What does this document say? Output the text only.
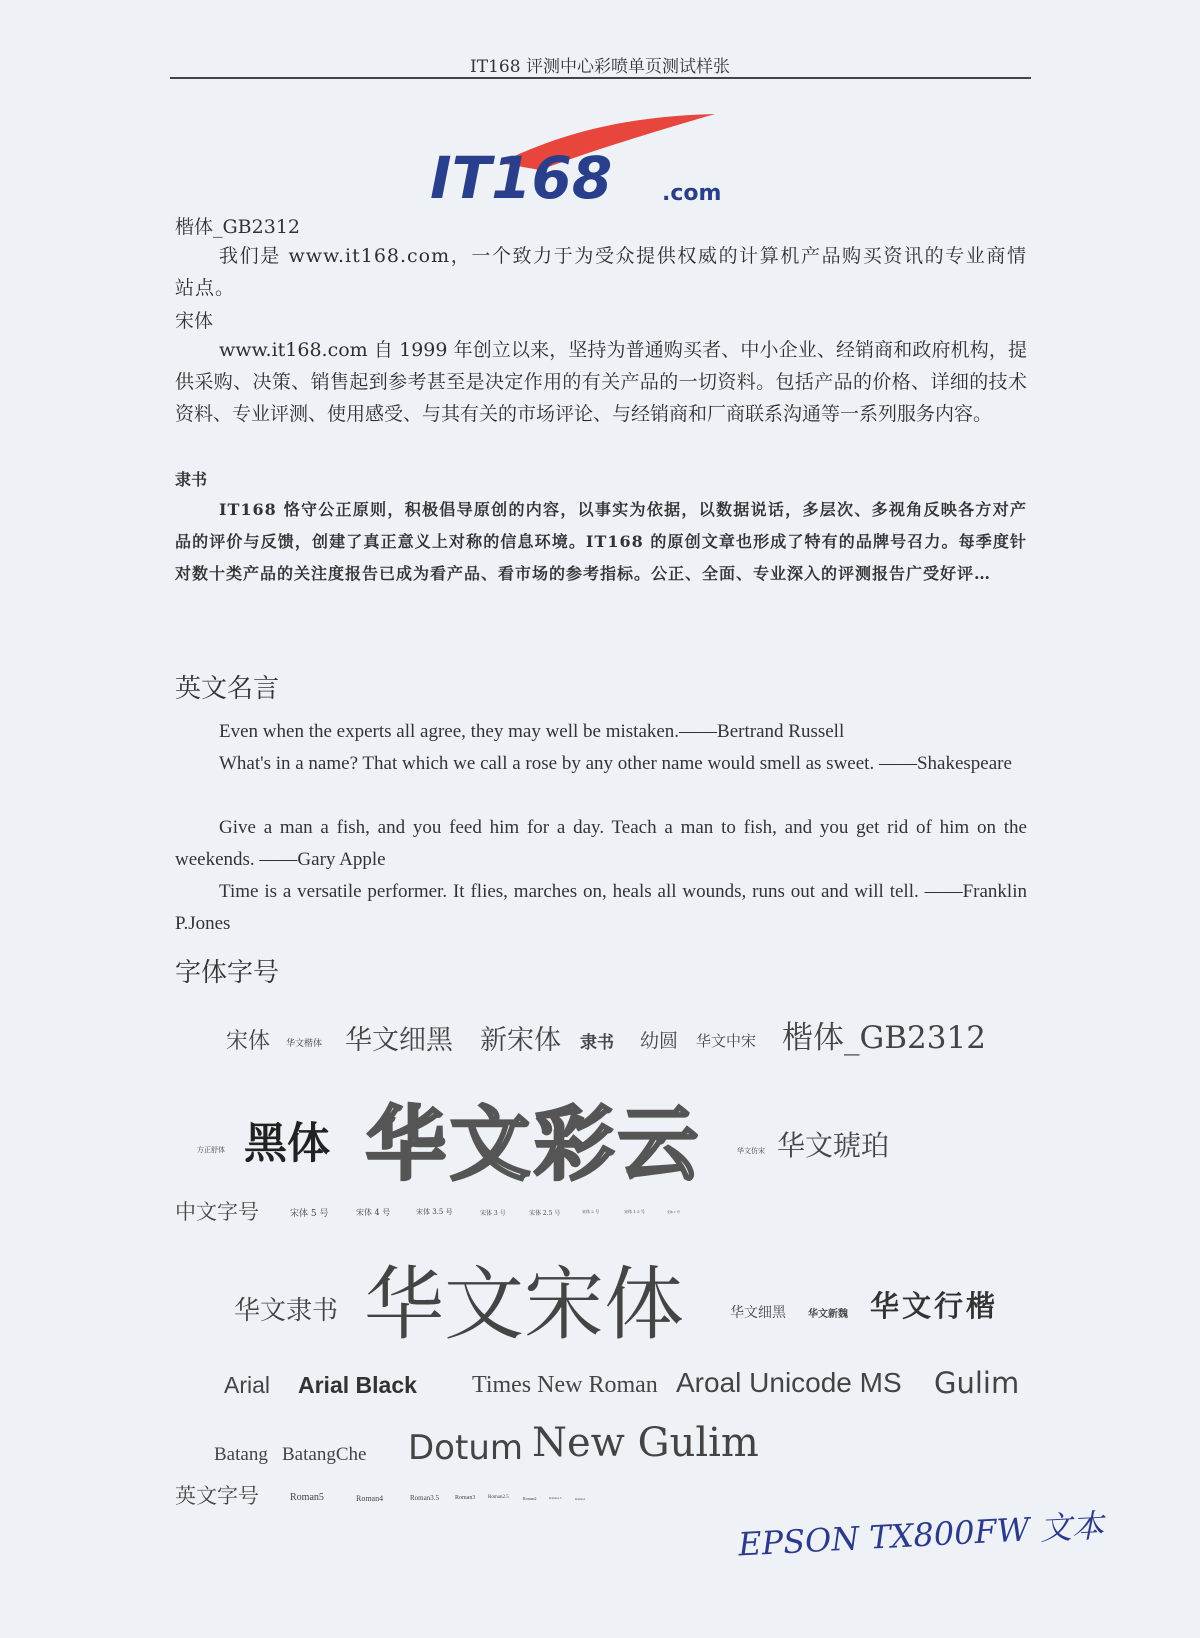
IT168 评测中心彩喷单页测试样张
IT168 .com
楷体_GB2312
我们是 www.it168.com，一个致力于为受众提供权威的计算机产品购买资讯的专业商情站点。
宋体
www.it168.com 自 1999 年创立以来，坚持为普通购买者、中小企业、经销商和政府机构，提供采购、决策、销售起到参考甚至是决定作用的有关产品的一切资料。包括产品的价格、详细的技术资料、专业评测、使用感受、与其有关的市场评论、与经销商和厂商联系沟通等一系列服务内容。
隶书
IT168 恪守公正原则，积极倡导原创的内容，以事实为依据，以数据说话，多层次、多视角反映各方对产品的评价与反馈，创建了真正意义上对称的信息环境。IT168 的原创文章也形成了特有的品牌号召力。每季度针对数十类产品的关注度报告已成为看产品、看市场的参考指标。公正、全面、专业深入的评测报告广受好评…
英文名言
Even when the experts all agree, they may well be mistaken.——Bertrand Russell
What's in a name? That which we call a rose by any other name would smell as sweet. ——Shakespeare
Give a man a fish, and you feed him for a day. Teach a man to fish, and you get rid of him on the weekends. ——Gary Apple
Time is a versatile performer. It flies, marches on, heals all wounds, runs out and will tell. ——Franklin P.Jones
字体字号
宋体 华文楷体 华文细黑 新宋体 隶书 幼圆 华文中宋 楷体_GB2312
方正舒体 黑体 华文彩云	华文仿宋 华文琥珀
中文字号	宋体 5 号	宋体 4 号	宋体 3.5 号	宋体 3 号	宋体 2.5 号	宋体 2 号	宋体 1.5 号	宋体 1 号
华文隶书 华文宋体	华文细黑 华文新魏 华文行楷
Arial Arial Black Times New Roman Aroal Unicode MS Gulim
Batang BatangChe Dotum New Gulim
英文字号	Roman5	Roman4	Roman3.5	Roman3	Roman2.5	Roman2	Roman1.5	Roman1
EPSON TX800FW 文本
